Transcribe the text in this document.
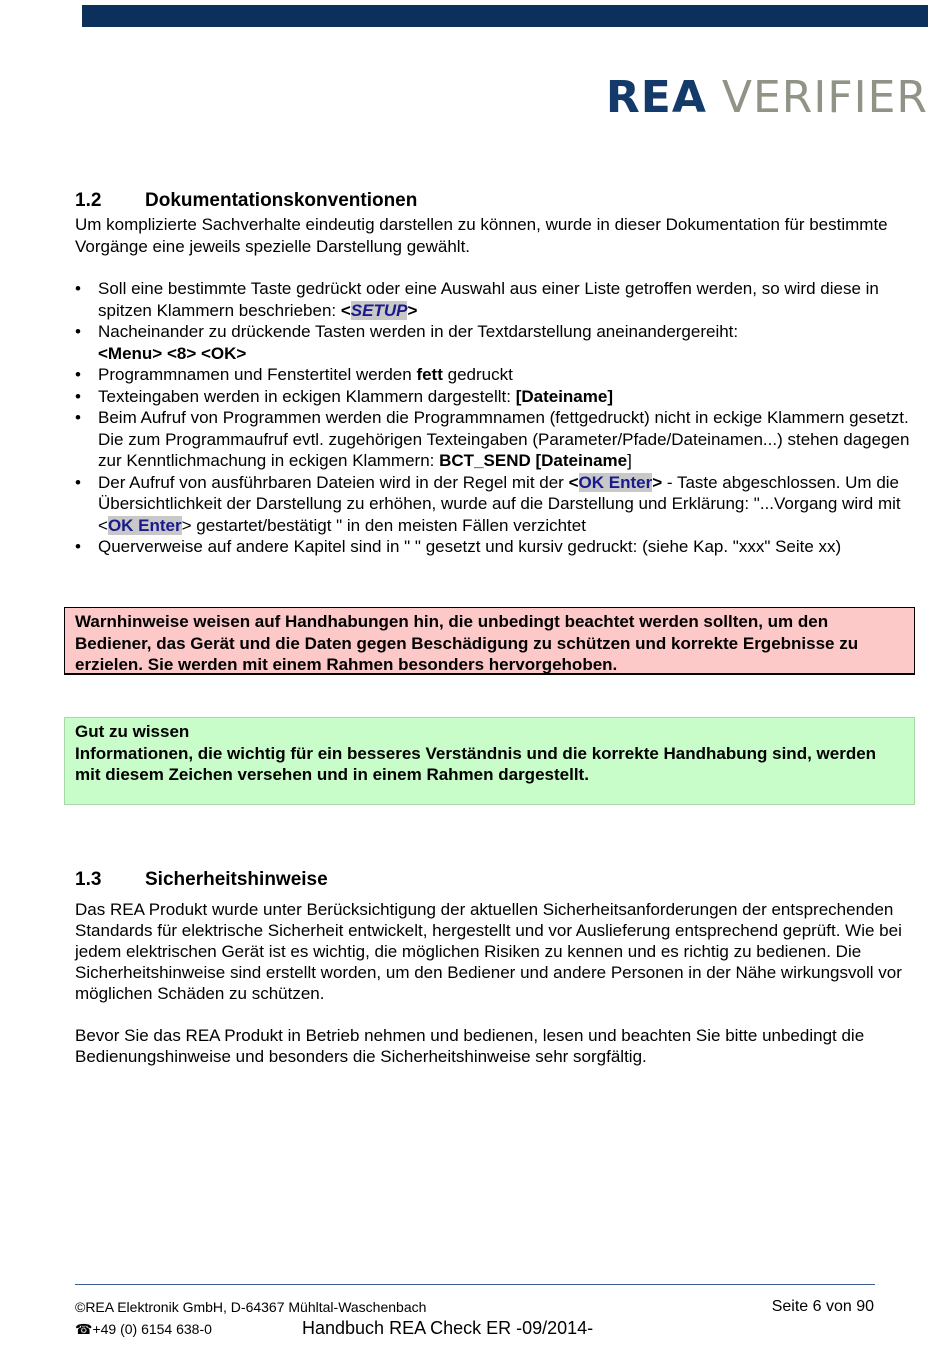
REA VERIFIER
1.2	Dokumentationskonventionen

Um komplizierte Sachverhalte eindeutig darstellen zu können, wurde in dieser Dokumentation für bestimmte Vorgänge eine jeweils spezielle Darstellung gewählt.

• Soll eine bestimmte Taste gedrückt oder eine Auswahl aus einer Liste getroffen werden, so wird diese in spitzen Klammern beschrieben: <SETUP>
• Nacheinander zu drückende Tasten werden in der Textdarstellung aneinandergereiht:
<Menu> <8> <OK>
• Programmnamen und Fenstertitel werden fett gedruckt
• Texteingaben werden in eckigen Klammern dargestellt: [Dateiname]
• Beim Aufruf von Programmen werden die Programmnamen (fettgedruckt) nicht in eckige Klammern gesetzt. Die zum Programmaufruf evtl. zugehörigen Texteingaben (Parameter/Pfade/Dateinamen...) stehen dagegen zur Kenntlichmachung in eckigen Klammern: BCT_SEND [Dateiname]
• Der Aufruf von ausführbaren Dateien wird in der Regel mit der <OK Enter> - Taste abgeschlossen. Um die Übersichtlichkeit der Darstellung zu erhöhen, wurde auf die Darstellung und Erklärung: "...Vorgang wird mit <OK Enter> gestartet/bestätigt " in den meisten Fällen verzichtet
• Querverweise auf andere Kapitel sind in " " gesetzt und kursiv gedruckt: (siehe Kap. "xxx" Seite xx)
Warnhinweise weisen auf Handhabungen hin, die unbedingt beachtet werden sollten, um den Bediener, das Gerät und die Daten gegen Beschädigung zu schützen und korrekte Ergebnisse zu erzielen. Sie werden mit einem Rahmen besonders hervorgehoben.
Gut zu wissen
Informationen, die wichtig für ein besseres Verständnis und die korrekte Handhabung sind, werden mit diesem Zeichen versehen und in einem Rahmen dargestellt.
1.3	Sicherheitshinweise

Das REA Produkt wurde unter Berücksichtigung der aktuellen Sicherheitsanforderungen der entsprechenden Standards für elektrische Sicherheit entwickelt, hergestellt und vor Auslieferung entsprechend geprüft. Wie bei jedem elektrischen Gerät ist es wichtig, die möglichen Risiken zu kennen und es richtig zu bedienen. Die Sicherheitshinweise sind erstellt worden, um den Bediener und andere Personen in der Nähe wirkungsvoll vor möglichen Schäden zu schützen.

Bevor Sie das REA Produkt in Betrieb nehmen und bedienen, lesen und beachten Sie bitte unbedingt die Bedienungshinweise und besonders die Sicherheitshinweise sehr sorgfältig.

©REA Elektronik GmbH, D-64367 Mühltal-Waschenbach	Seite 6 von 90
☎+49 (0) 6154 638-0	Handbuch REA Check ER -09/2014-
